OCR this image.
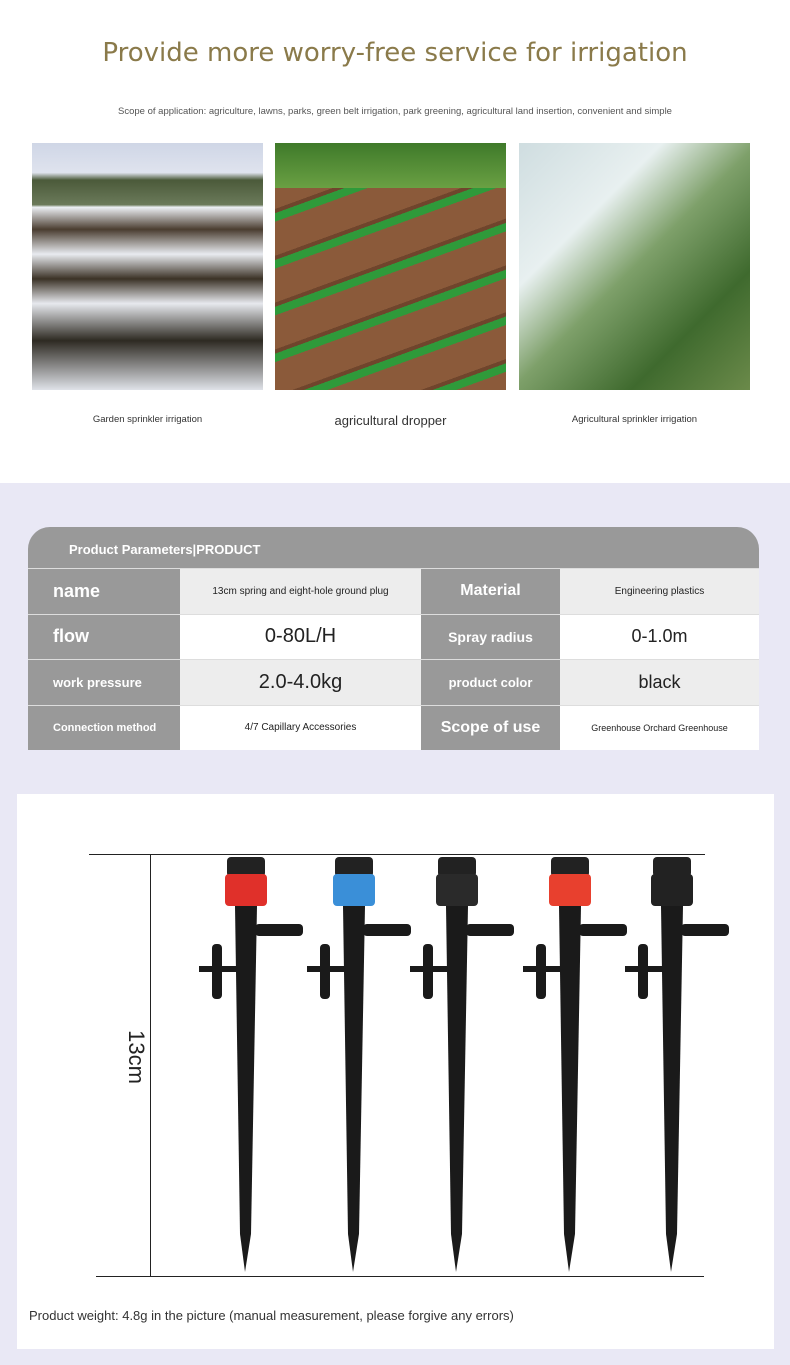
Provide more worry-free service for irrigation
Scope of application: agriculture, lawns, parks, green belt irrigation, park greening, agricultural land insertion, convenient and simple
Garden sprinkler irrigation	agricultural dropper	Agricultural sprinkler irrigation
Product Parameters|PRODUCT
name	13cm spring and eight-hole ground plug	Material	Engineering plastics
flow	0-80L/H	Spray radius	0-1.0m
work pressure	2.0-4.0kg	product color	black
Connection method	4/7 Capillary Accessories	Scope of use	Greenhouse Orchard Greenhouse
13cm
Product weight: 4.8g in the picture (manual measurement, please forgive any errors)
